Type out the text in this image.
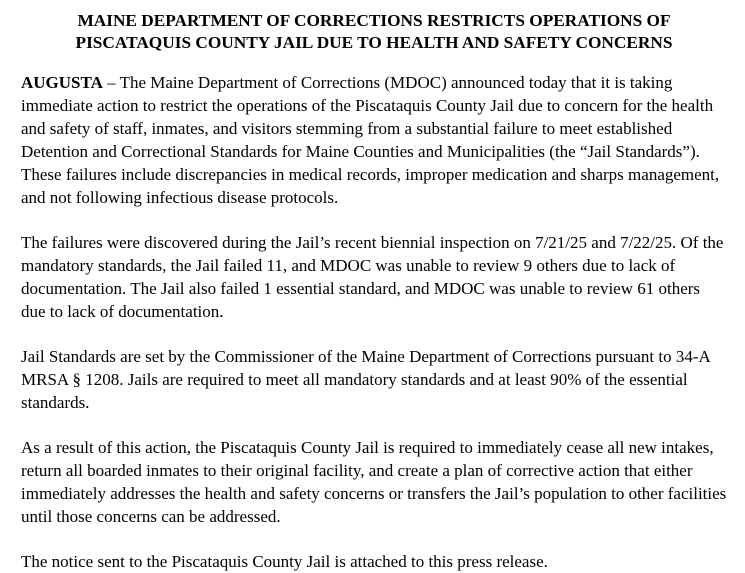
MAINE DEPARTMENT OF CORRECTIONS RESTRICTS OPERATIONS OF
PISCATAQUIS COUNTY JAIL DUE TO HEALTH AND SAFETY CONCERNS

AUGUSTA – The Maine Department of Corrections (MDOC) announced today that it is taking immediate action to restrict the operations of the Piscataquis County Jail due to concern for the health and safety of staff, inmates, and visitors stemming from a substantial failure to meet established Detention and Correctional Standards for Maine Counties and Municipalities (the “Jail Standards”). These failures include discrepancies in medical records, improper medication and sharps management, and not following infectious disease protocols.

The failures were discovered during the Jail’s recent biennial inspection on 7/21/25 and 7/22/25. Of the mandatory standards, the Jail failed 11, and MDOC was unable to review 9 others due to lack of documentation. The Jail also failed 1 essential standard, and MDOC was unable to review 61 others due to lack of documentation.

Jail Standards are set by the Commissioner of the Maine Department of Corrections pursuant to 34-A MRSA § 1208. Jails are required to meet all mandatory standards and at least 90% of the essential standards.

As a result of this action, the Piscataquis County Jail is required to immediately cease all new intakes, return all boarded inmates to their original facility, and create a plan of corrective action that either immediately addresses the health and safety concerns or transfers the Jail’s population to other facilities until those concerns can be addressed.

The notice sent to the Piscataquis County Jail is attached to this press release.
